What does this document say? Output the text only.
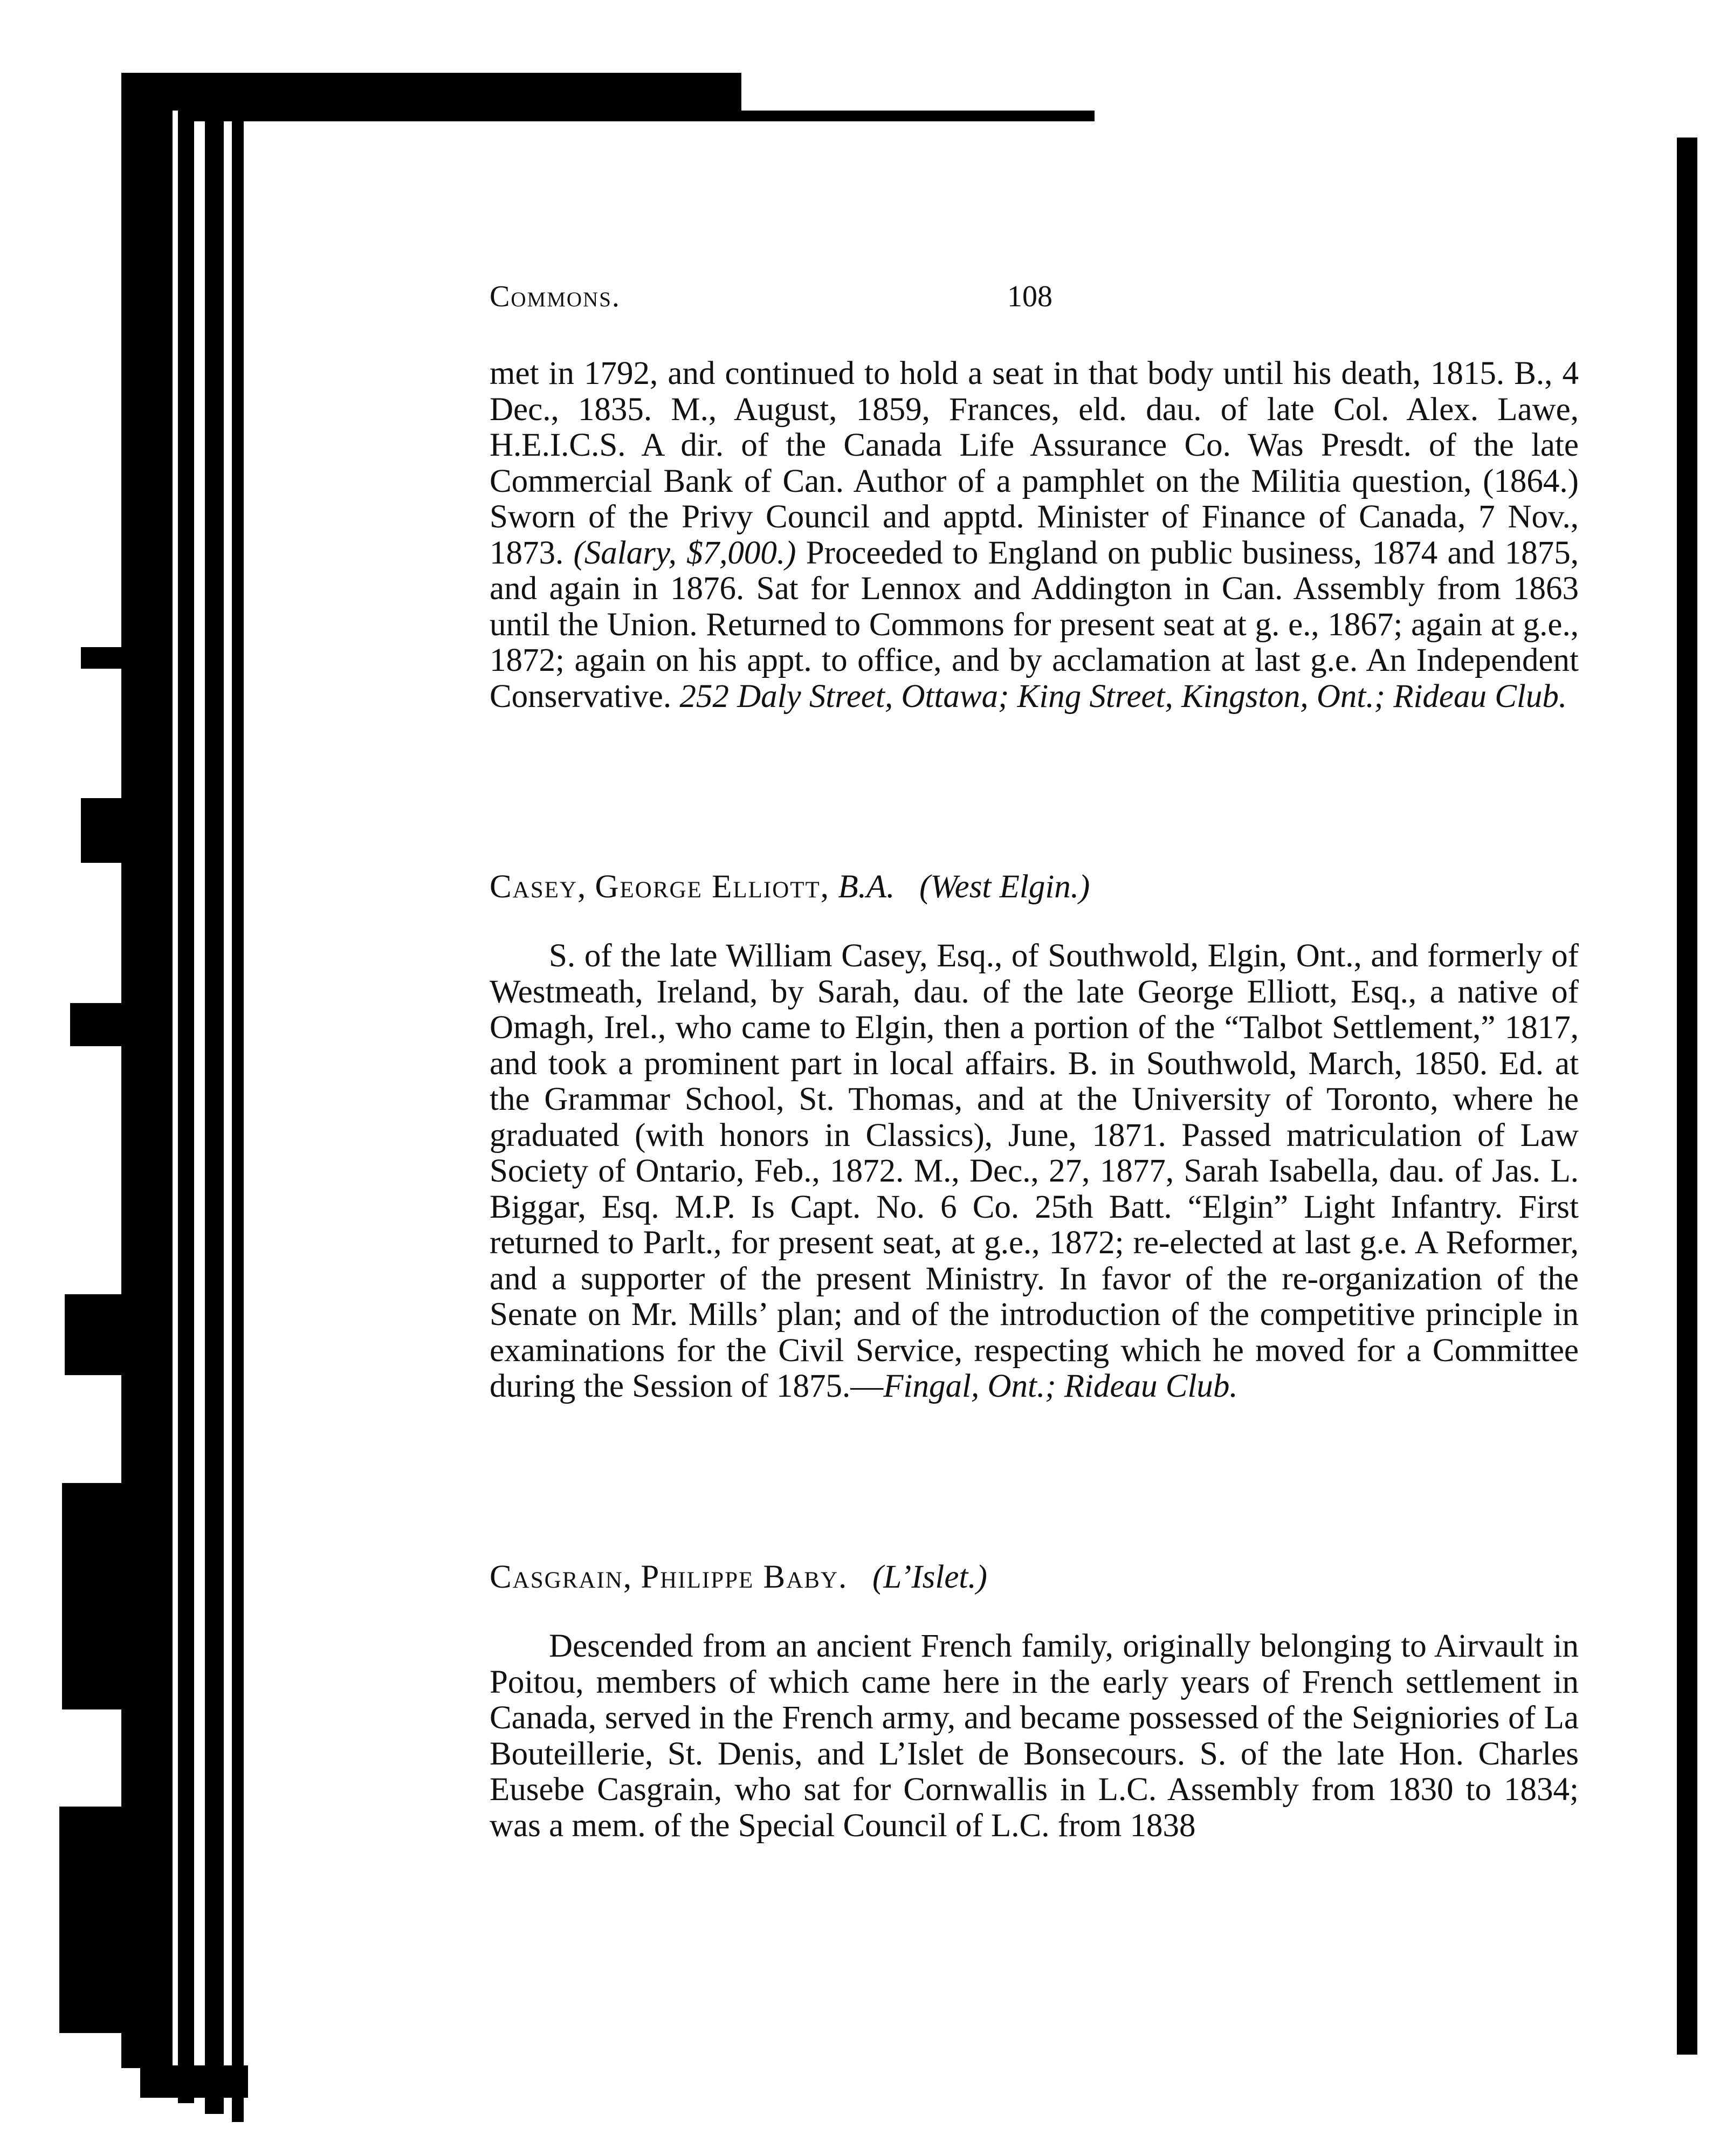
Commons.	108

met in 1792, and continued to hold a seat in that body until his death, 1815. B., 4 Dec., 1835. M., August, 1859, Frances, eld. dau. of late Col. Alex. Lawe, H.E.I.C.S. A dir. of the Canada Life Assurance Co. Was Presdt. of the late Commercial Bank of Can. Author of a pamphlet on the Militia question, (1864.) Sworn of the Privy Council and apptd. Minister of Finance of Canada, 7 Nov., 1873. (Salary, $7,000.) Proceeded to England on public business, 1874 and 1875, and again in 1876. Sat for Lennox and Addington in Can. Assembly from 1863 until the Union. Returned to Commons for present seat at g. e., 1867; again at g.e., 1872; again on his appt. to office, and by acclamation at last g.e. An Independent Conservative. 252 Daly Street, Ottawa; King Street, Kingston, Ont.; Rideau Club.

Casey, George Elliott, B.A. (West Elgin.)

S. of the late William Casey, Esq., of Southwold, Elgin, Ont., and formerly of Westmeath, Ireland, by Sarah, dau. of the late George Elliott, Esq., a native of Omagh, Irel., who came to Elgin, then a portion of the “Talbot Settlement,” 1817, and took a prominent part in local affairs. B. in Southwold, March, 1850. Ed. at the Grammar School, St. Thomas, and at the University of Toronto, where he graduated (with honors in Classics), June, 1871. Passed matriculation of Law Society of Ontario, Feb., 1872. M., Dec., 27, 1877, Sarah Isabella, dau. of Jas. L. Biggar, Esq. M.P. Is Capt. No. 6 Co. 25th Batt. “Elgin” Light Infantry. First returned to Parlt., for present seat, at g.e., 1872; re-elected at last g.e. A Reformer, and a supporter of the present Ministry. In favor of the re-organization of the Senate on Mr. Mills’ plan; and of the introduction of the competitive principle in examinations for the Civil Service, respecting which he moved for a Committee during the Session of 1875.—Fingal, Ont.; Rideau Club.

Casgrain, Philippe Baby. (L’Islet.)

Descended from an ancient French family, originally belonging to Airvault in Poitou, members of which came here in the early years of French settlement in Canada, served in the French army, and became possessed of the Seigniories of La Bouteillerie, St. Denis, and L’Islet de Bonsecours. S. of the late Hon. Charles Eusebe Casgrain, who sat for Cornwallis in L.C. Assembly from 1830 to 1834; was a mem. of the Special Council of L.C. from 1838
